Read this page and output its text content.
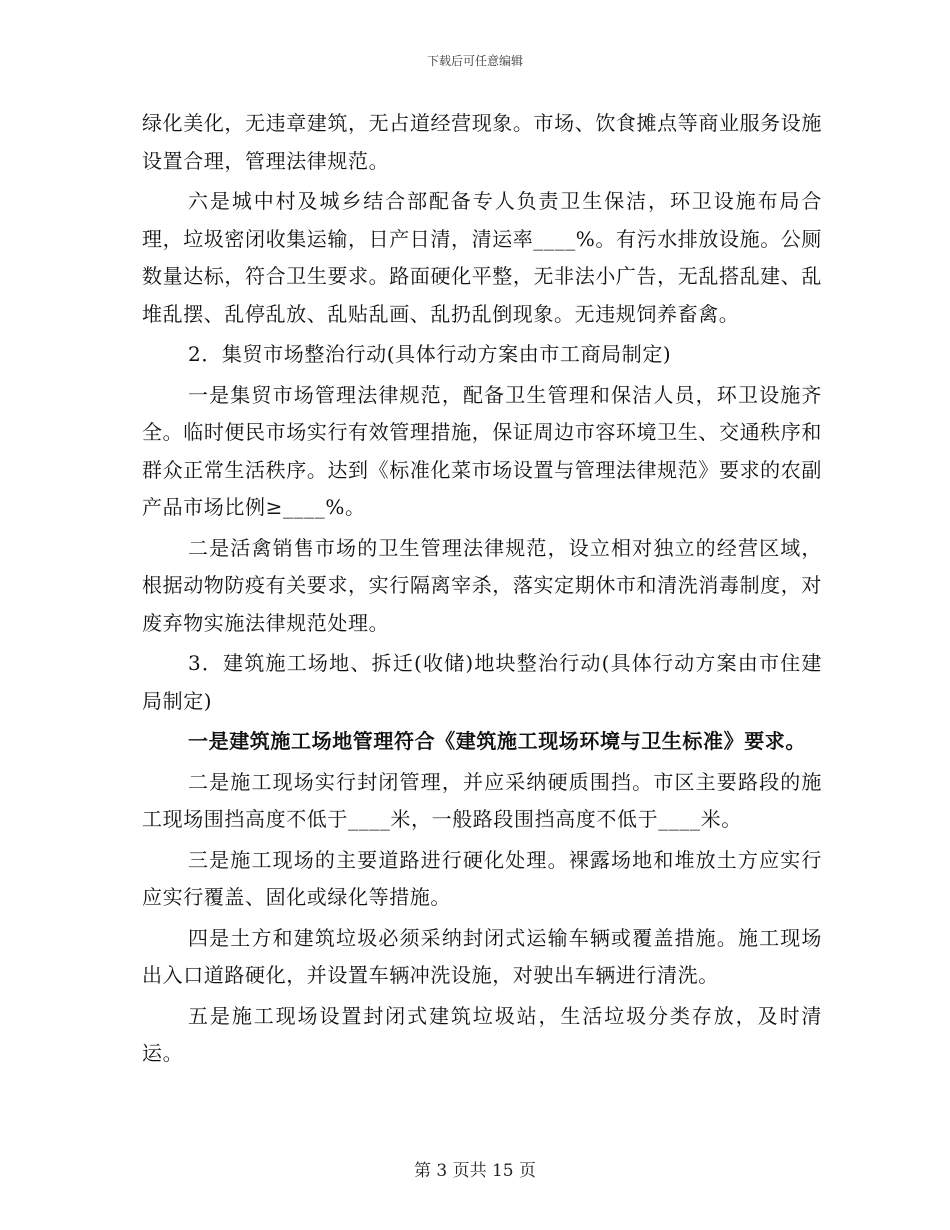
下载后可任意编辑

绿化美化，无违章建筑，无占道经营现象。市场、饮食摊点等商业服务设施设置合理，管理法律规范。

六是城中村及城乡结合部配备专人负责卫生保洁，环卫设施布局合理，垃圾密闭收集运输，日产日清，清运率____%。有污水排放设施。公厕数量达标，符合卫生要求。路面硬化平整，无非法小广告，无乱搭乱建、乱堆乱摆、乱停乱放、乱贴乱画、乱扔乱倒现象。无违规饲养畜禽。

2．集贸市场整治行动(具体行动方案由市工商局制定)

一是集贸市场管理法律规范，配备卫生管理和保洁人员，环卫设施齐全。临时便民市场实行有效管理措施，保证周边市容环境卫生、交通秩序和群众正常生活秩序。达到《标准化菜市场设置与管理法律规范》要求的农副产品市场比例≥____%。

二是活禽销售市场的卫生管理法律规范，设立相对独立的经营区域，根据动物防疫有关要求，实行隔离宰杀，落实定期休市和清洗消毒制度，对废弃物实施法律规范处理。

3．建筑施工场地、拆迁(收储)地块整治行动(具体行动方案由市住建局制定)

一是建筑施工场地管理符合《建筑施工现场环境与卫生标准》要求。

二是施工现场实行封闭管理，并应采纳硬质围挡。市区主要路段的施工现场围挡高度不低于____米，一般路段围挡高度不低于____米。

三是施工现场的主要道路进行硬化处理。裸露场地和堆放土方应实行应实行覆盖、固化或绿化等措施。

四是土方和建筑垃圾必须采纳封闭式运输车辆或覆盖措施。施工现场出入口道路硬化，并设置车辆冲洗设施，对驶出车辆进行清洗。

五是施工现场设置封闭式建筑垃圾站，生活垃圾分类存放，及时清运。

第 3 页共 15 页
